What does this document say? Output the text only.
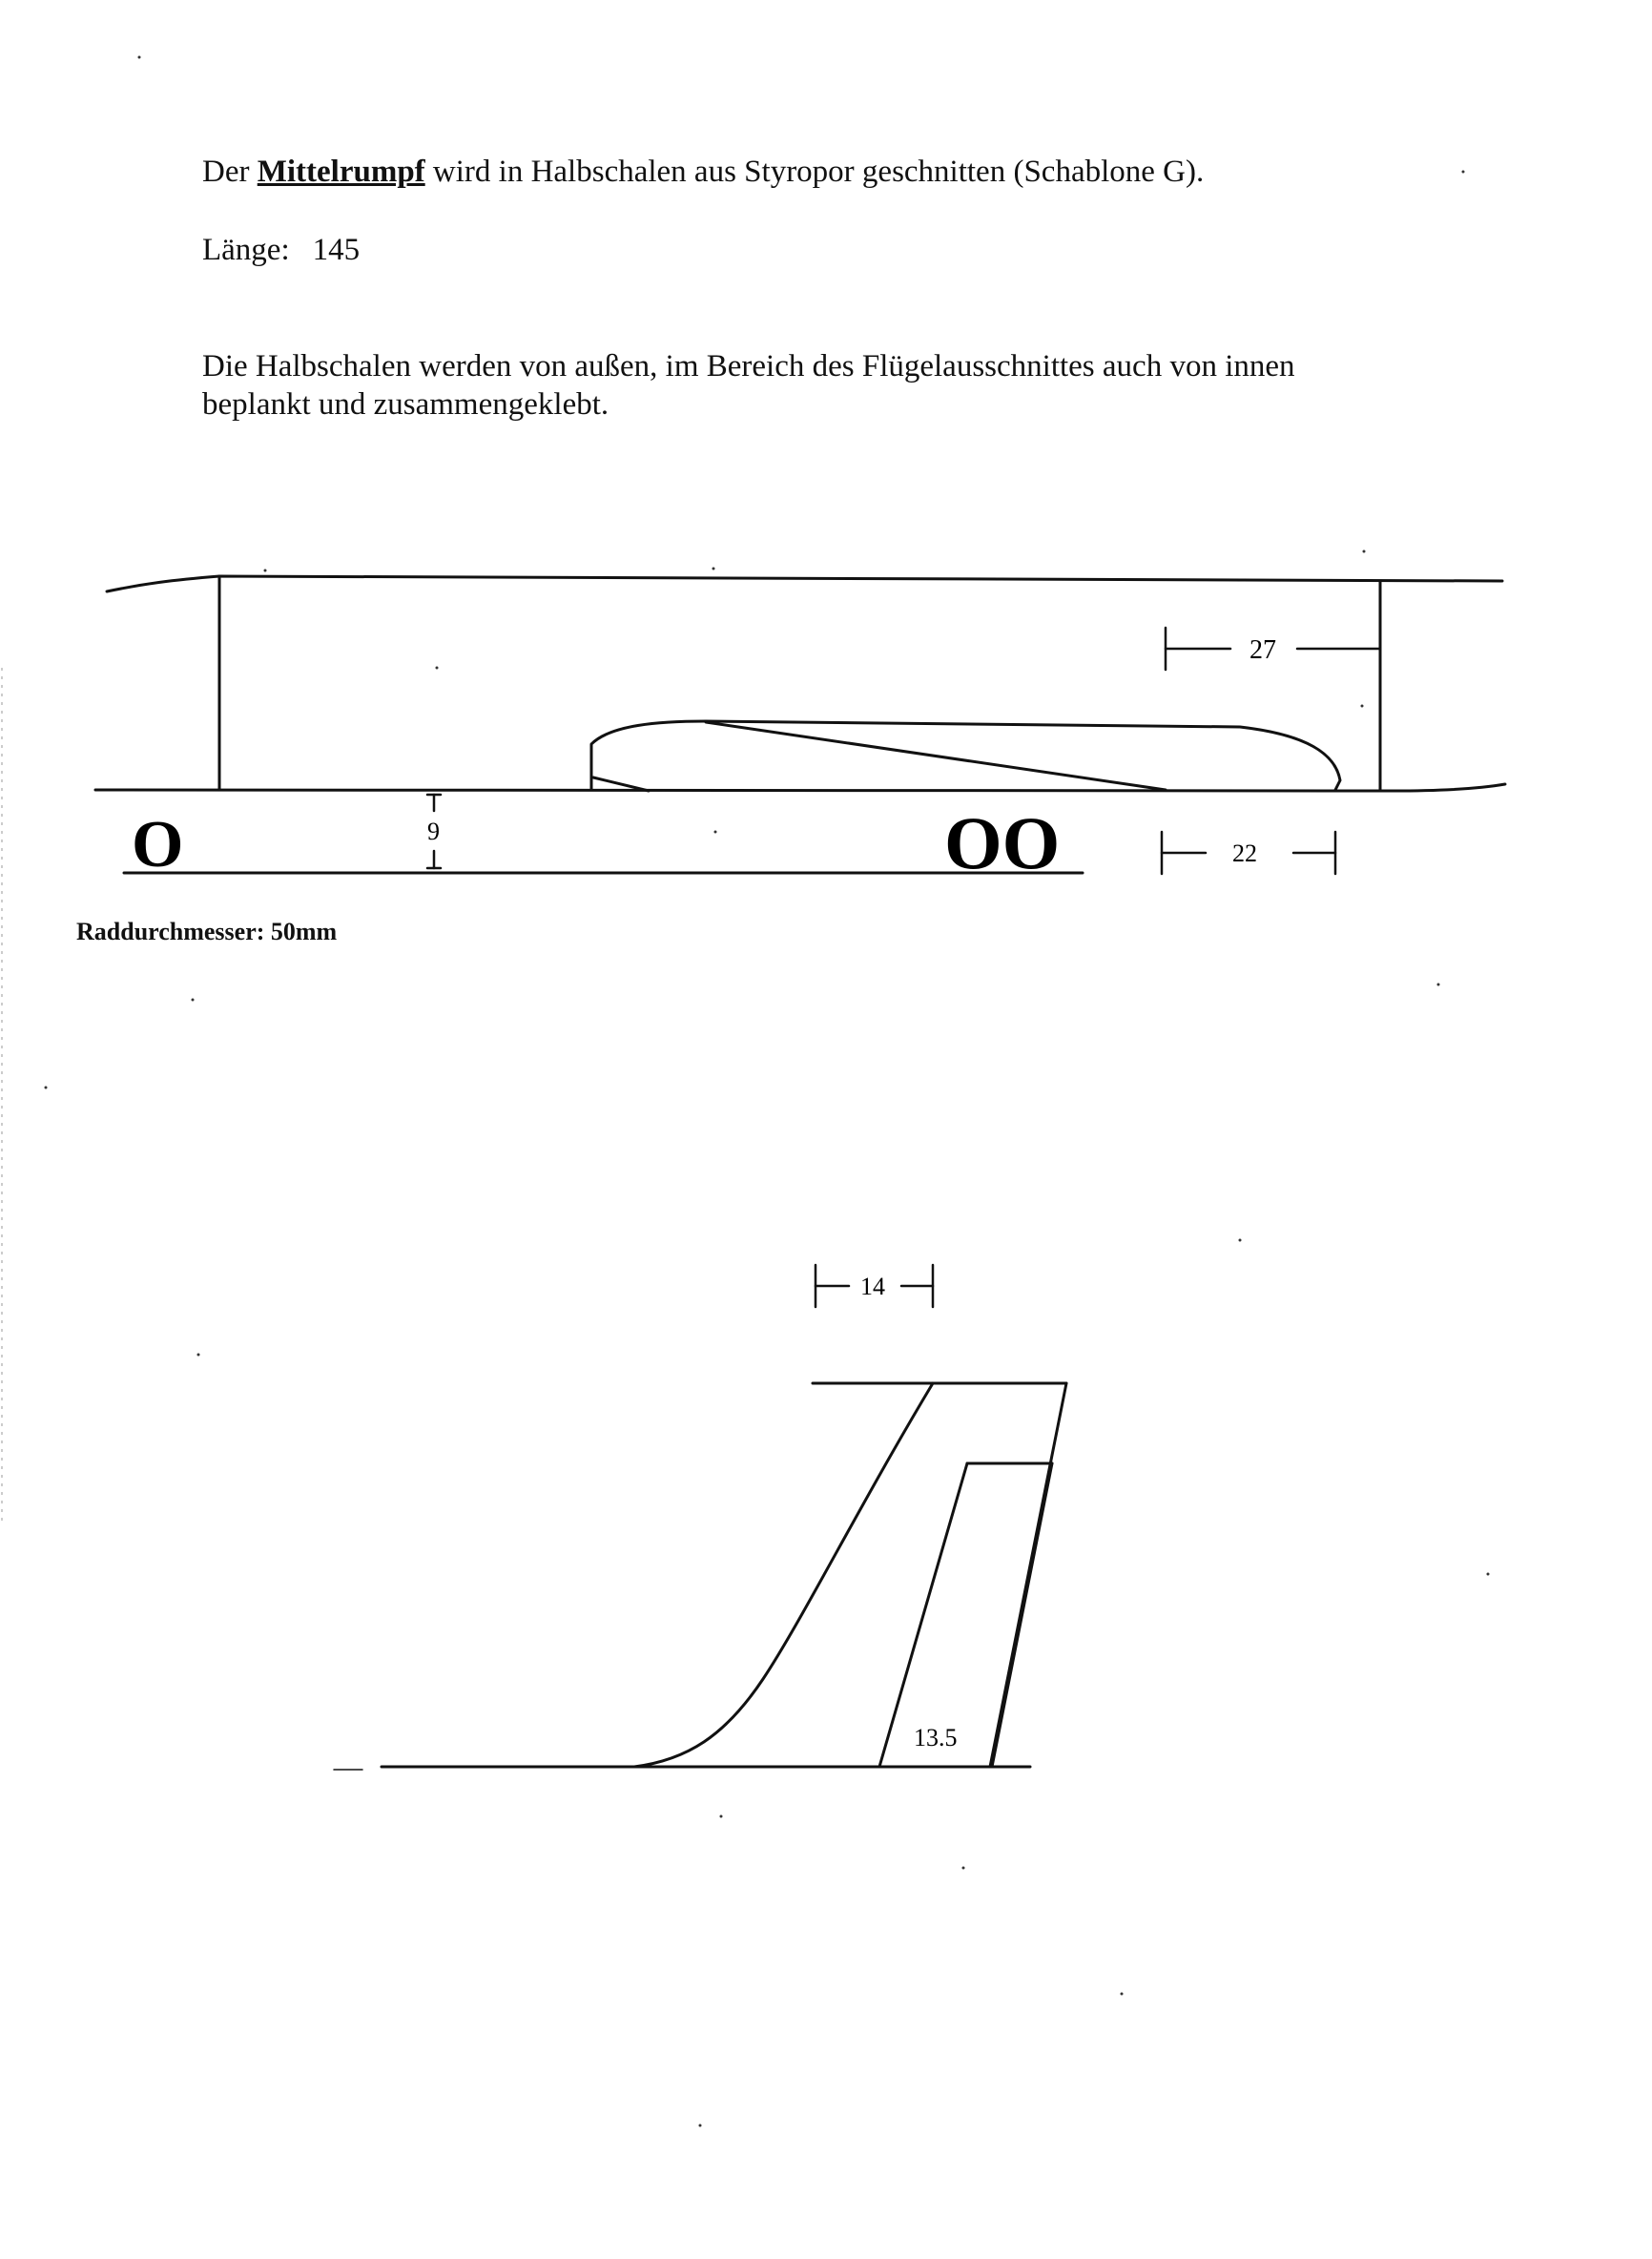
Der Mittelrumpf wird in Halbschalen aus Styropor geschnitten (Schablone G).
Länge: 145
Die Halbschalen werden von außen, im Bereich des Flügelausschnittes auch von innen
beplankt und zusammengeklebt.
O	OO
9
27
22
14
13.5
Raddurchmesser: 50mm
